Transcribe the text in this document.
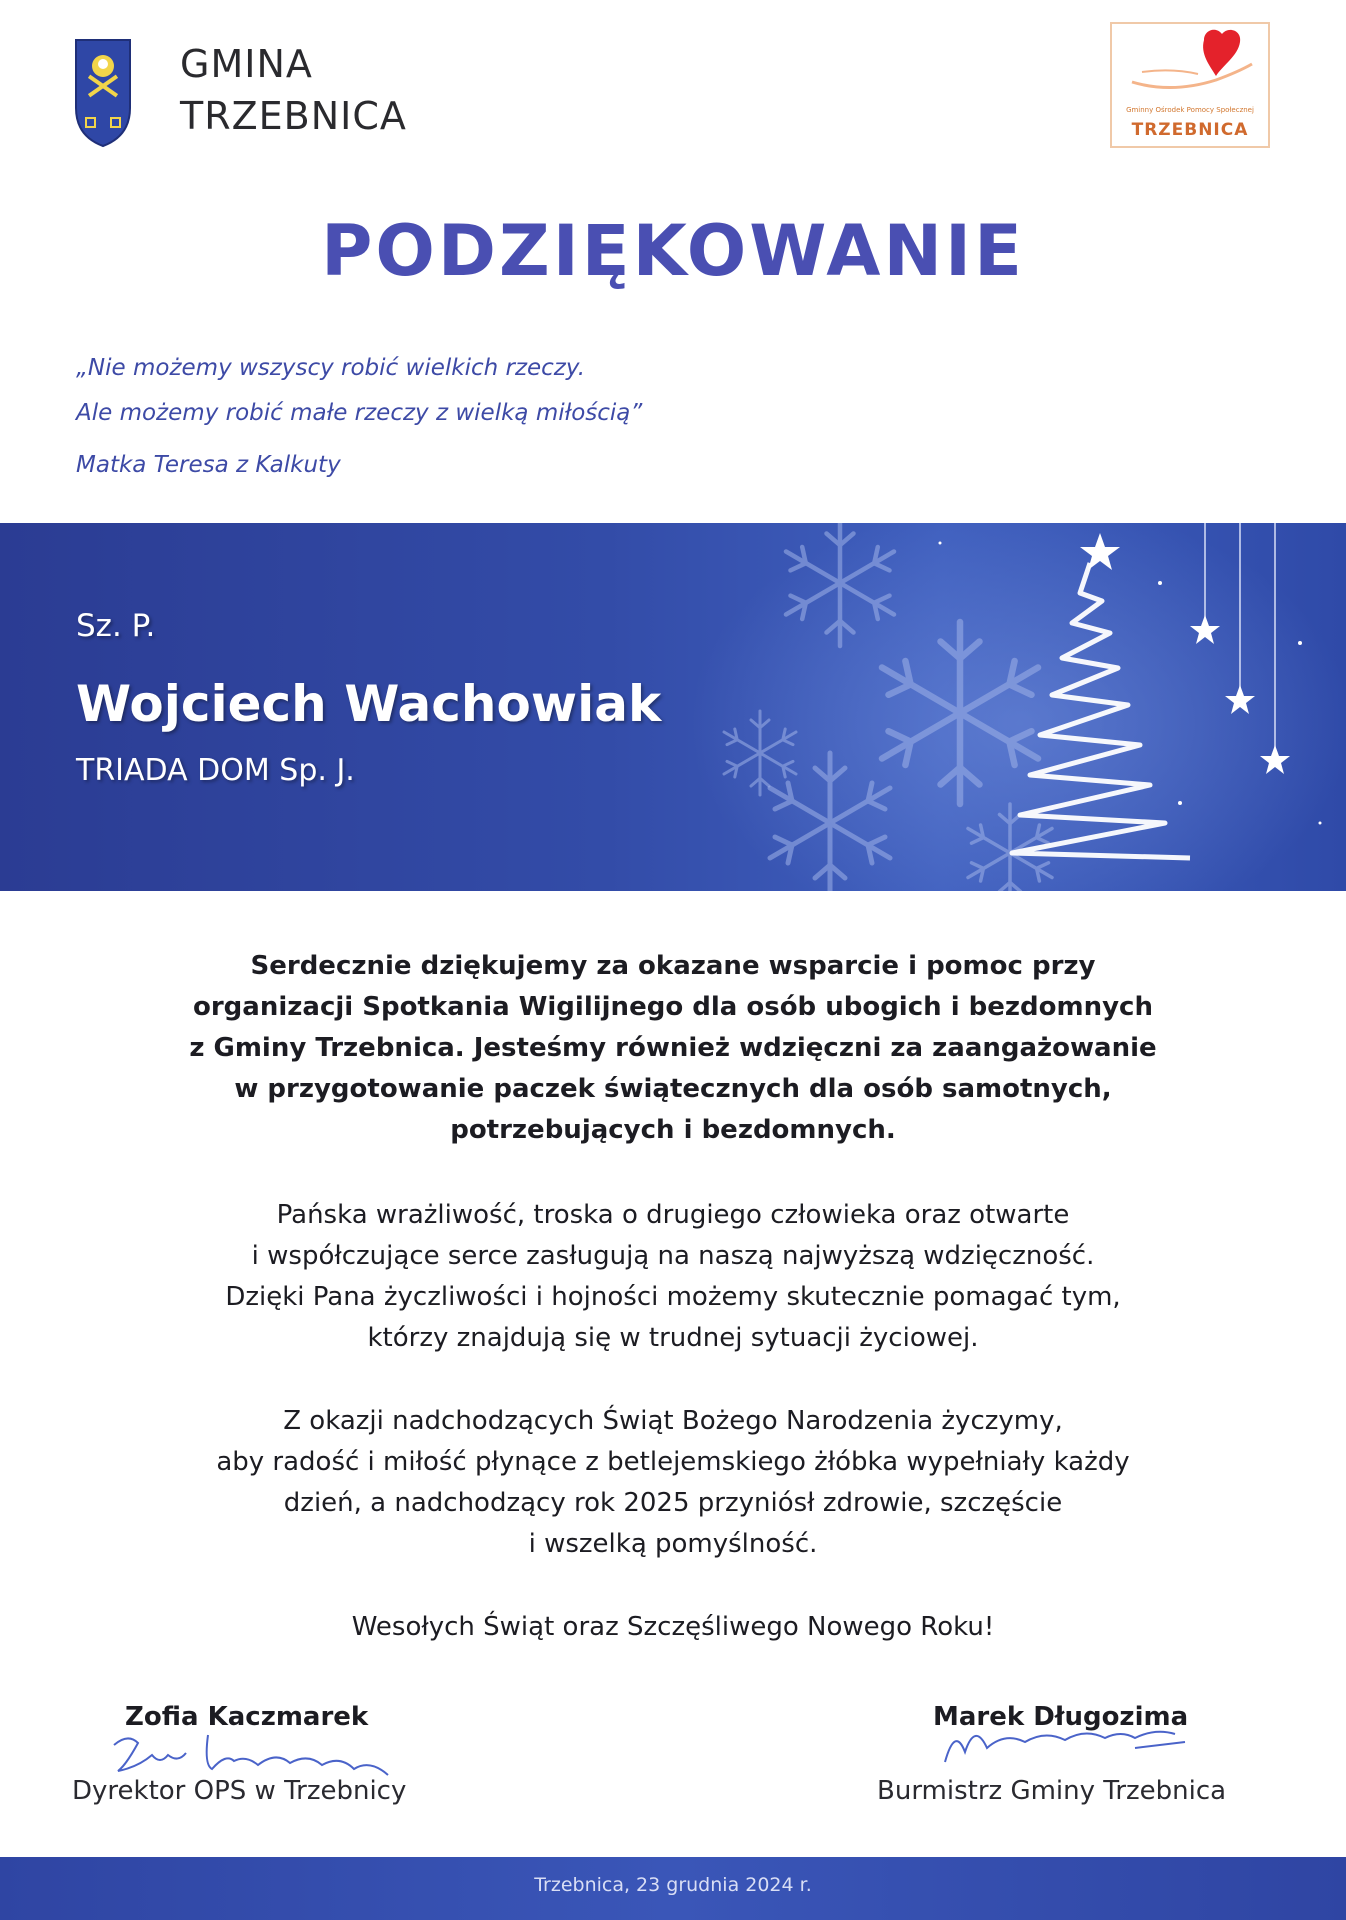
GMINA
TRZEBNICA	Gminny Ośrodek Pomocy Społecznej
TRZEBNICA
PODZIĘKOWANIE
„Nie możemy wszyscy robić wielkich rzeczy.
Ale możemy robić małe rzeczy z wielką miłością”
Matka Teresa z Kalkuty
Sz. P.
Wojciech Wachowiak
TRIADA DOM Sp. J.
Serdecznie dziękujemy za okazane wsparcie i pomoc przy
organizacji Spotkania Wigilijnego dla osób ubogich i bezdomnych
z Gminy Trzebnica. Jesteśmy również wdzięczni za zaangażowanie
w przygotowanie paczek świątecznych dla osób samotnych,
potrzebujących i bezdomnych.
Pańska wrażliwość, troska o drugiego człowieka oraz otwarte
i współczujące serce zasługują na naszą najwyższą wdzięczność.
Dzięki Pana życzliwości i hojności możemy skutecznie pomagać tym,
którzy znajdują się w trudnej sytuacji życiowej.
Z okazji nadchodzących Świąt Bożego Narodzenia życzymy,
aby radość i miłość płynące z betlejemskiego żłóbka wypełniały każdy
dzień, a nadchodzący rok 2025 przyniósł zdrowie, szczęście
i wszelką pomyślność.
Wesołych Świąt oraz Szczęśliwego Nowego Roku!
Zofia Kaczmarek
Dyrektor OPS w Trzebnicy
Marek Długozima
Burmistrz Gminy Trzebnica
Trzebnica, 23 grudnia 2024 r.
